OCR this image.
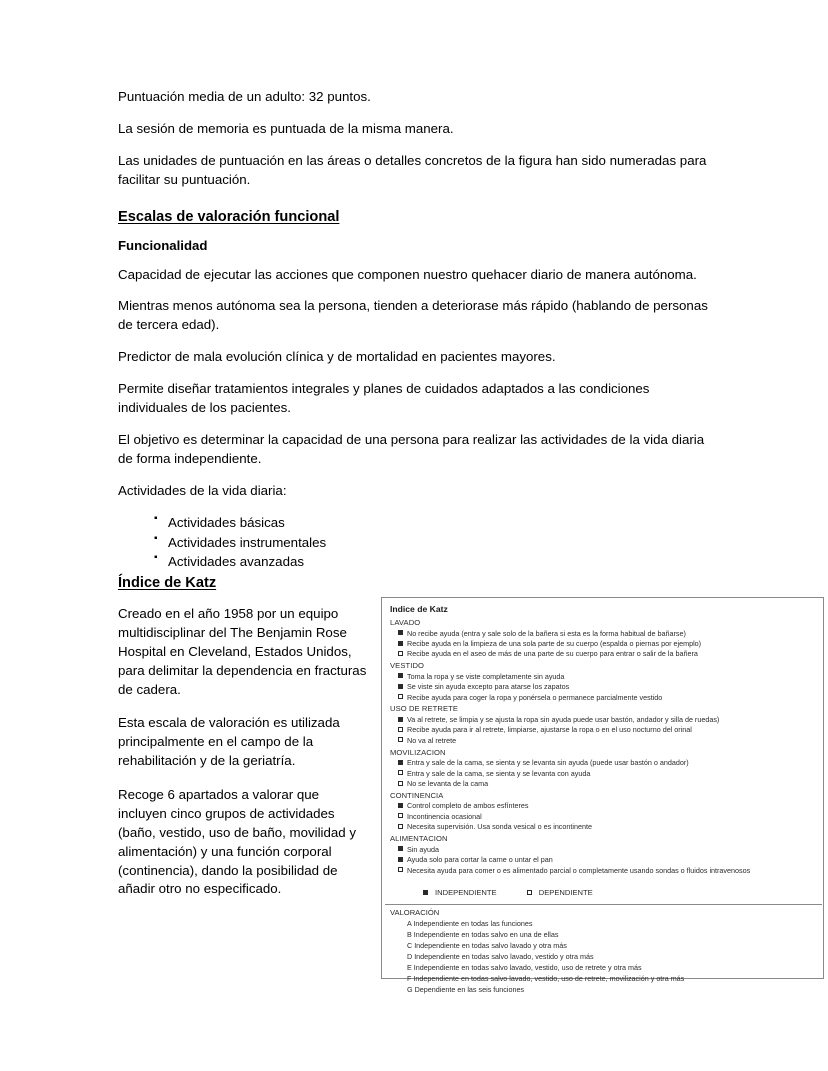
Puntuación media de un adulto: 32 puntos.

La sesión de memoria es puntuada de la misma manera.

Las unidades de puntuación en las áreas o detalles concretos de la figura han sido numeradas para facilitar su puntuación.

Escalas de valoración funcional
Funcionalidad

Capacidad de ejecutar las acciones que componen nuestro quehacer diario de manera autónoma.

Mientras menos autónoma sea la persona, tienden a deteriorase más rápido (hablando de personas de tercera edad).

Predictor de mala evolución clínica y de mortalidad en pacientes mayores.

Permite diseñar tratamientos integrales y planes de cuidados adaptados a las condiciones individuales de los pacientes.

El objetivo es determinar la capacidad de una persona para realizar las actividades de la vida diaria de forma independiente.

Actividades de la vida diaria:

▪ Actividades básicas
▪ Actividades instrumentales
▪ Actividades avanzadas
Índice de Katz

Creado en el año 1958 por un equipo multidisciplinar del The Benjamin Rose Hospital en Cleveland, Estados Unidos, para delimitar la dependencia en fracturas de cadera.

Esta escala de valoración es utilizada principalmente en el campo de la rehabilitación y de la geriatría.

Recoge 6 apartados a valorar que incluyen cinco grupos de actividades (baño, vestido, uso de baño, movilidad y alimentación) y una función corporal (continencia), dando la posibilidad de añadir otro no especificado.

Indice de Katz
LAVADO
No recibe ayuda (entra y sale solo de la bañera si esta es la forma habitual de bañarse)
Recibe ayuda en la limpieza de una sola parte de su cuerpo (espalda o piernas por ejemplo)
Recibe ayuda en el aseo de más de una parte de su cuerpo para entrar o salir de la bañera
VESTIDO
Toma la ropa y se viste completamente sin ayuda
Se viste sin ayuda excepto para atarse los zapatos
Recibe ayuda para coger la ropa y ponérsela o permanece parcialmente vestido
USO DE RETRETE
Va al retrete, se limpia y se ajusta la ropa sin ayuda puede usar bastón, andador y silla de ruedas)
Recibe ayuda para ir al retrete, limpiarse, ajustarse la ropa o en el uso nocturno del orinal
No va al retrete
MOVILIZACION
Entra y sale de la cama, se sienta y se levanta sin ayuda (puede usar bastón o andador)
Entra y sale de la cama, se sienta y se levanta con ayuda
No se levanta de la cama
CONTINENCIA
Control completo de ambos esfínteres
Incontinencia ocasional
Necesita supervisión. Usa sonda vesical o es incontinente
ALIMENTACION
Sin ayuda
Ayuda solo para cortar la carne o untar el pan
Necesita ayuda para comer o es alimentado parcial o completamente usando sondas o fluidos intravenosos
INDEPENDIENTE	DEPENDIENTE
VALORACIÓN
A Independiente en todas las funciones
B Independiente en todas salvo en una de ellas
C Independiente en todas salvo lavado y otra más
D Independiente en todas salvo lavado, vestido y otra más
E Independiente en todas salvo lavado, vestido, uso de retrete y otra más
F Independiente en todas salvo lavado, vestido, uso de retrete, movilización y otra más
G Dependiente en las seis funciones
